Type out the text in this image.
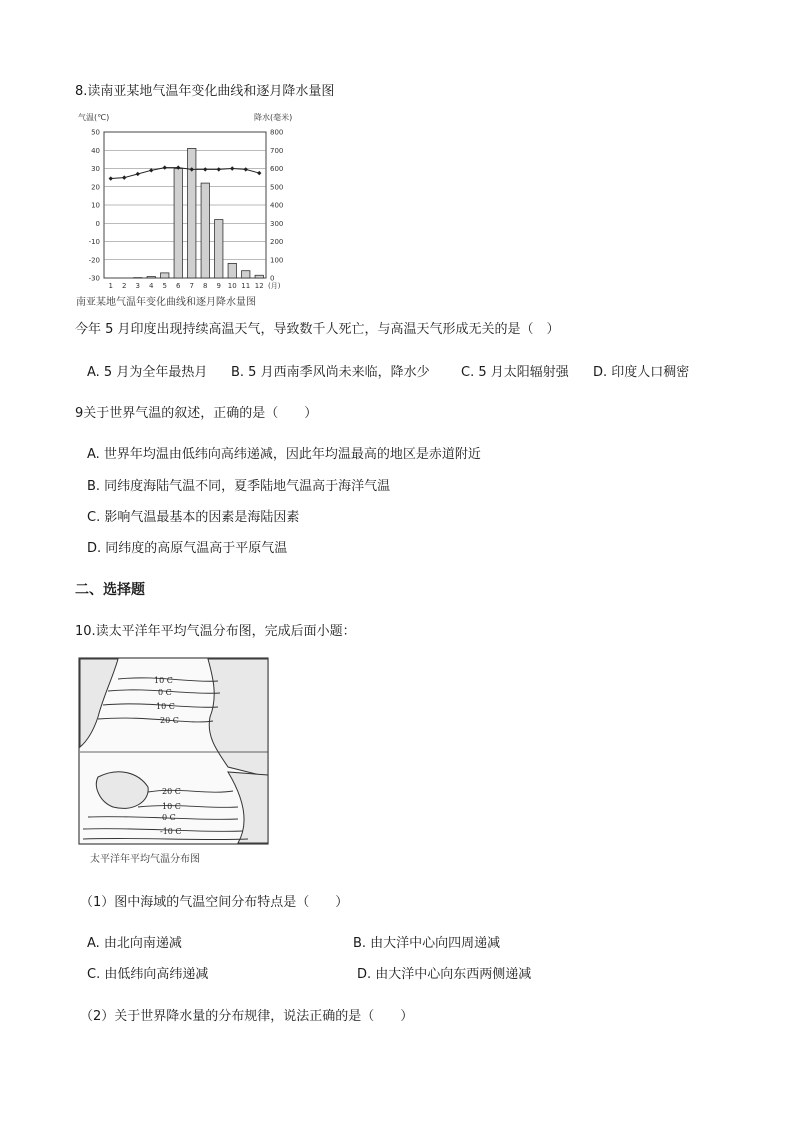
8.读南亚某地气温年变化曲线和逐月降水量图
50
40
30
20
10
0
-10
-20
-30
800
700
600
500
400
300
200
100
0
气温(℃)	降水(毫米)
1 2 3 4 5 6 7 8 9 10 11 12 (月)
南亚某地气温年变化曲线和逐月降水量图
今年 5 月印度出现持续高温天气，导致数千人死亡，与高温天气形成无关的是（　）
A. 5 月为全年最热月 B. 5 月西南季风尚未来临，降水少 C. 5 月太阳辐射强 D. 印度人口稠密
9关于世界气温的叙述，正确的是（　　）
A. 世界年均温由低纬向高纬递减，因此年均温最高的地区是赤道附近
B. 同纬度海陆气温不同，夏季陆地气温高于海洋气温
C. 影响气温最基本的因素是海陆因素
D. 同纬度的高原气温高于平原气温
二、选择题
10.读太平洋年平均气温分布图，完成后面小题：
10 C
0 C
10 C
20 C
20 C
10 C
0 C
-10 C
太平洋年平均气温分布图
（1）图中海域的气温空间分布特点是（　　）
A. 由北向南递减	B. 由大洋中心向四周递减
C. 由低纬向高纬递减	D. 由大洋中心向东西两侧递减
（2）关于世界降水量的分布规律，说法正确的是（　　）
